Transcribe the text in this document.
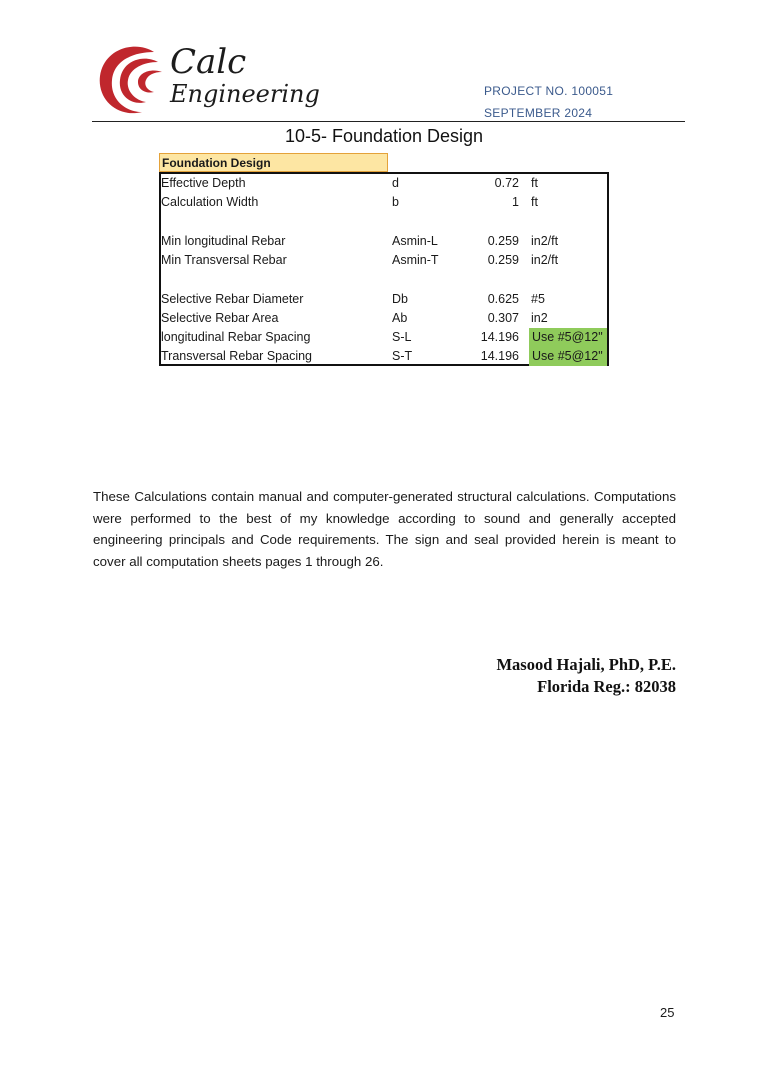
Calc
Engineering	PROJECT NO. 100051
SEPTEMBER 2024
10-5- Foundation Design
Foundation Design
Effective Depth	d	0.72 ft
Calculation Width	b	1 ft
Min longitudinal Rebar	Asmin-L	0.259 in2/ft
Min Transversal Rebar	Asmin-T	0.259 in2/ft
Selective Rebar Diameter	Db	0.625 #5
Selective Rebar Area	Ab	0.307 in2
longitudinal Rebar Spacing	S-L	14.196 Use #5@12"
Transversal Rebar Spacing	S-T	14.196 Use #5@12"
These Calculations contain manual and computer-generated structural calculations. Computations were performed to the best of my knowledge according to sound and generally accepted engineering principals and Code requirements. The sign and seal provided herein is meant to cover all computation sheets pages 1 through 26.
Masood Hajali, PhD, P.E.
Florida Reg.: 82038
25
